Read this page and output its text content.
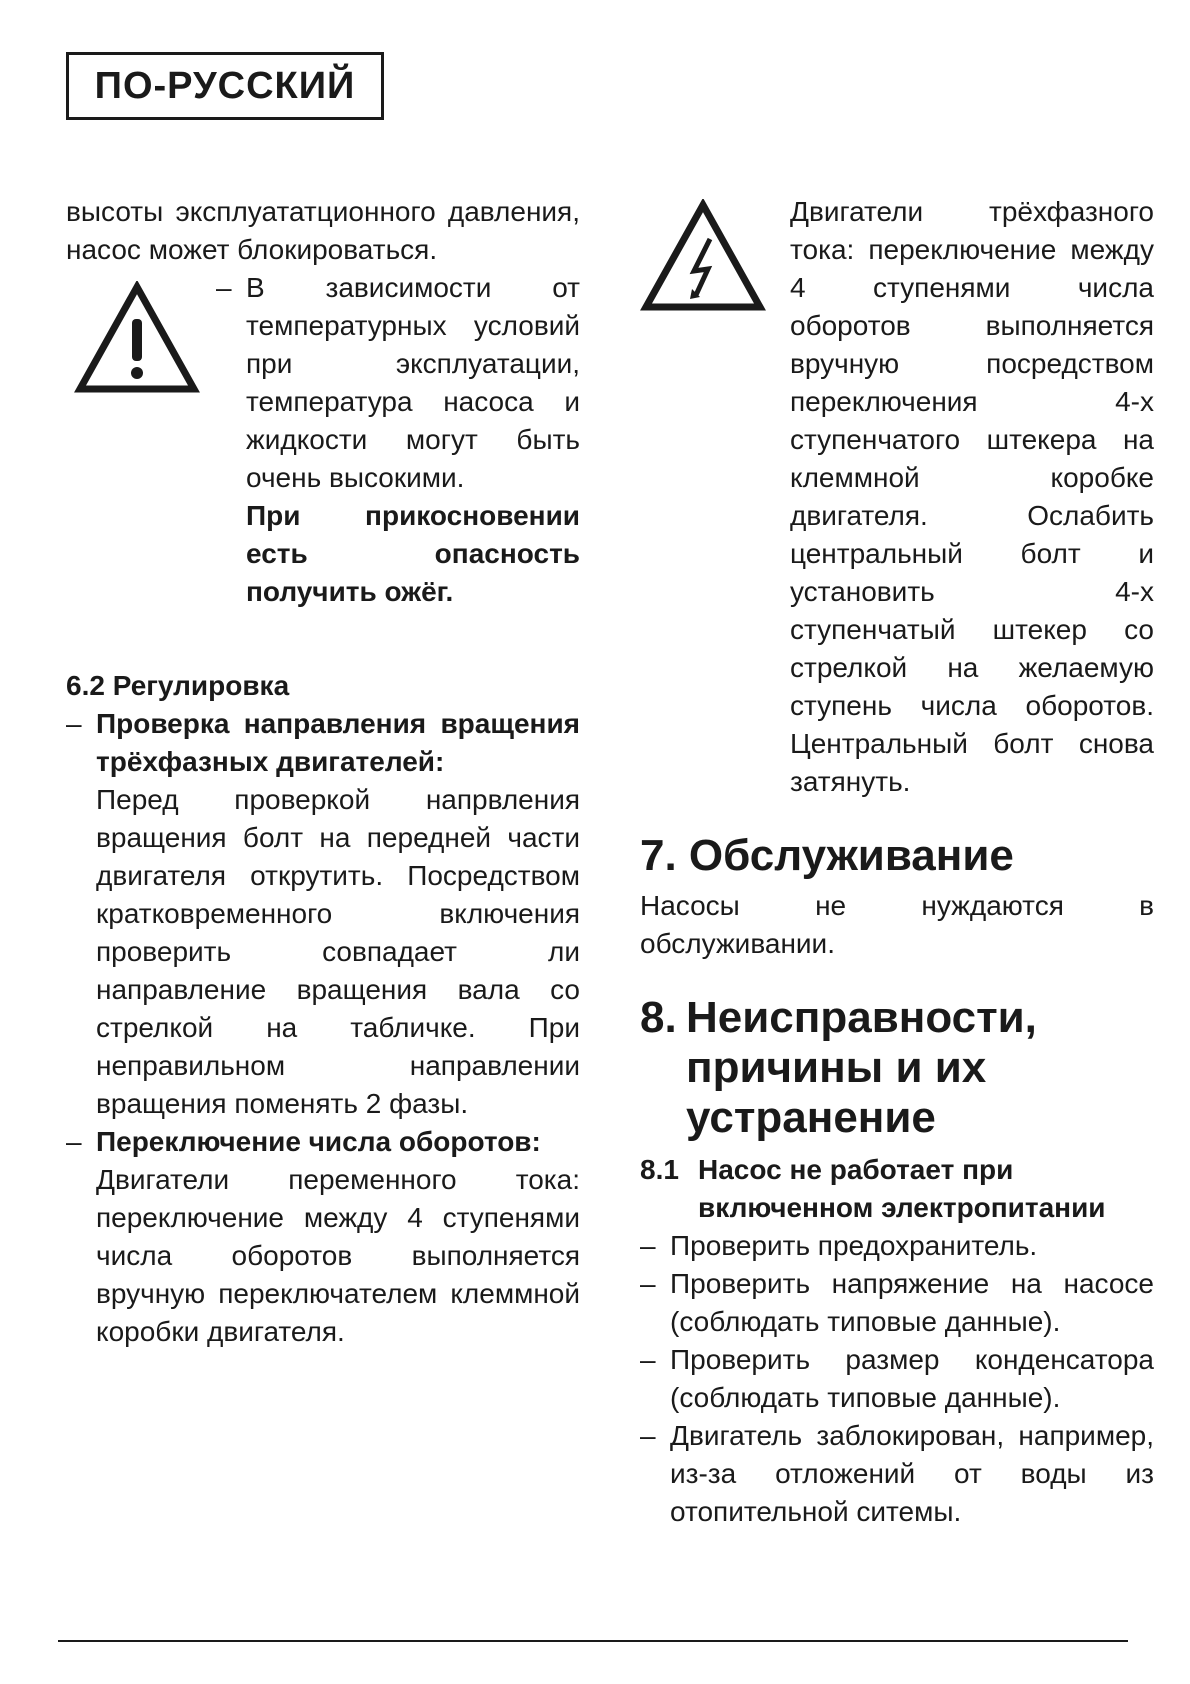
ПО-РУССКИЙ

высоты эксплуататционного давления, насос может блокироваться.

– В зависимости от температурных условий при эксплуатации, температура насоса и жидкости могут быть очень высокими.

При прикосновении есть опасность получить ожёг.

6.2 Регулировка
– Проверка направления вращения трёхфазных двигателей:
Перед проверкой напрвления вращения болт на передней части двигателя открутить. Посредством кратковременного включения проверить совпадает ли направление вращения вала со стрелкой на табличке. При неправильном направлении вращения поменять 2 фазы.
– Переключение числа оборотов:
Двигатели переменного тока: переключение между 4 ступенями числа оборотов выполняется вручную переключателем клеммной коробки двигателя.

Двигатели трёхфазного тока: переключение между 4 ступенями числа оборотов выполняется вручную посредством переключения 4-х ступенчатого штекера на клеммной коробке двигателя. Ослабить центральный болт и установить 4-х ступенчатый штекер со стрелкой на желаемую ступень числа оборотов. Центральный болт снова затянуть.

7. Обслуживание

Насосы не нуждаются в обслуживании.

8. Неисправности, причины и их устранение
8.1 Насос не работает при включенном электропитании
– Проверить предохранитель.
– Проверить напряжение на насосе (соблюдать типовые данные).
– Проверить размер конденсатора (соблюдать типовые данные).
– Двигатель заблокирован, например, из-за отложений от воды из отопительной ситемы.
